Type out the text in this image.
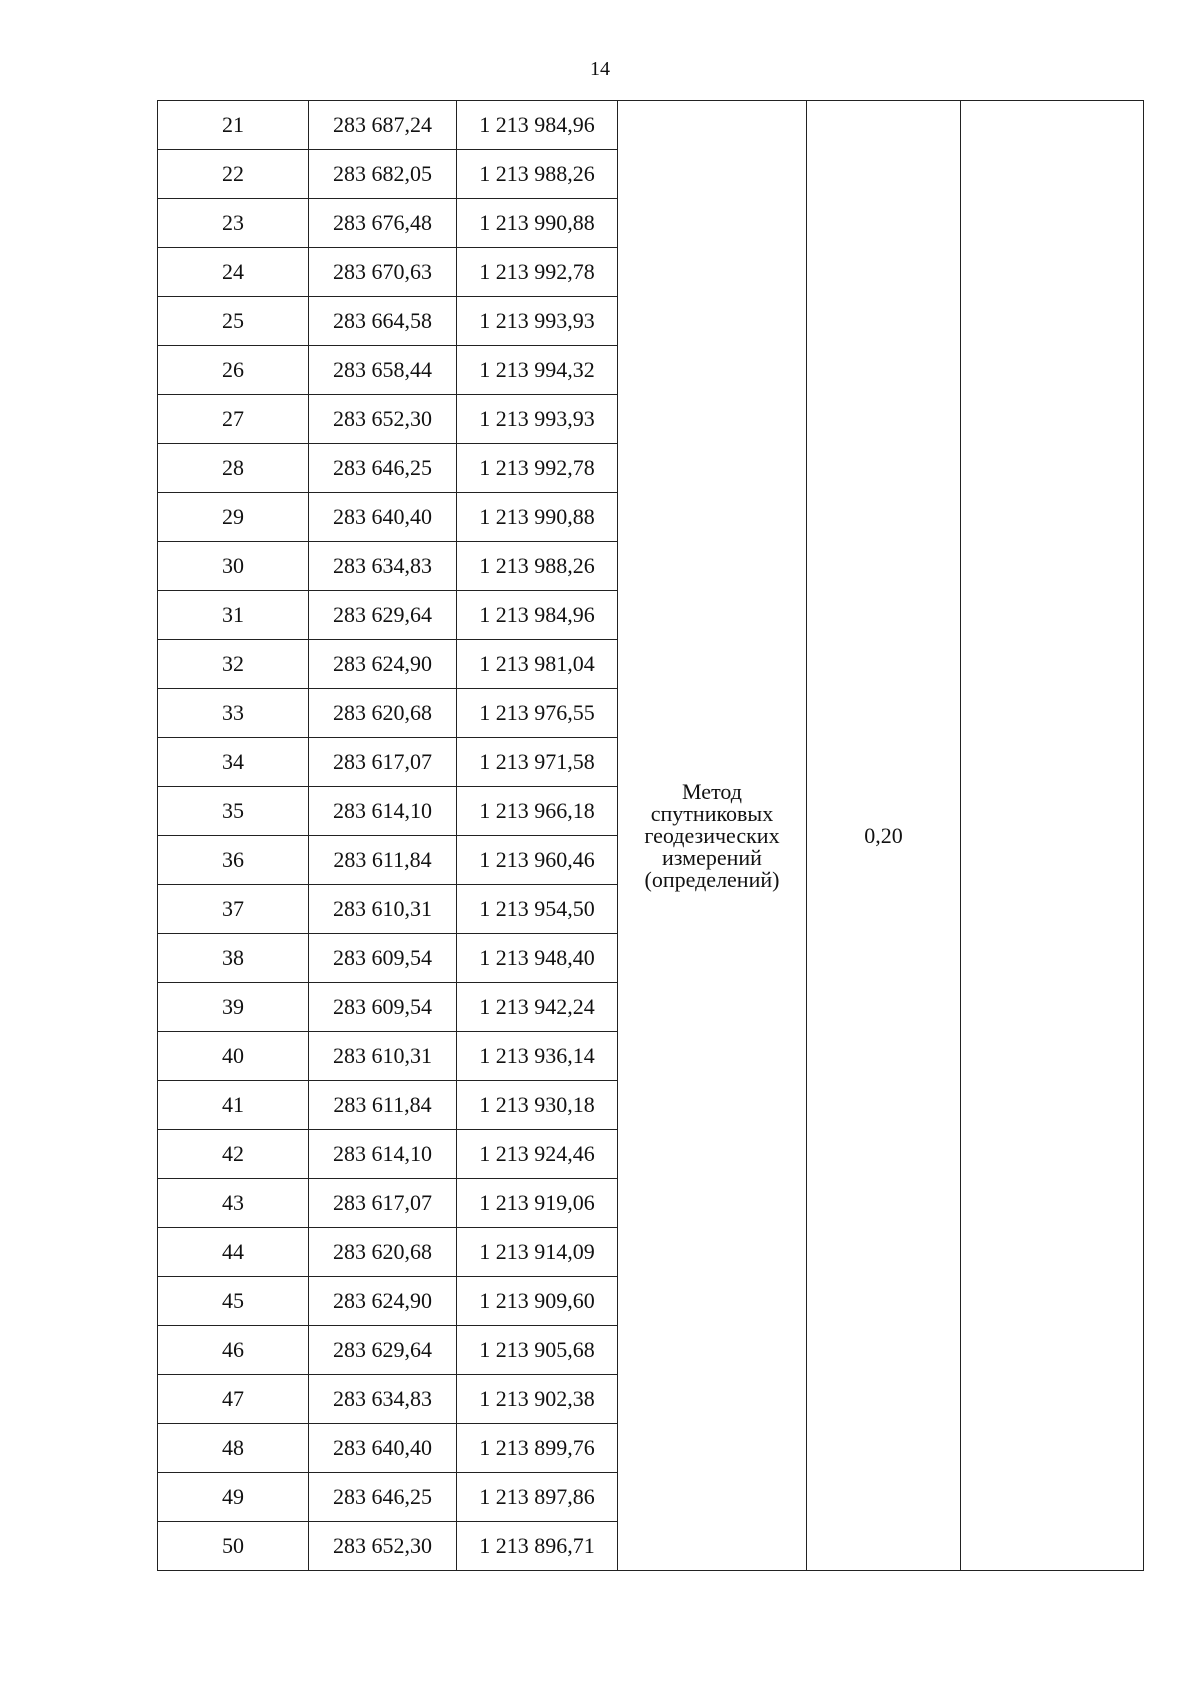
14
21	283 687,24	1 213 984,96	Метод
спутниковых
геодезических
измерений
(определений)	0,20	
22	283 682,05	1 213 988,26			
23	283 676,48	1 213 990,88			
24	283 670,63	1 213 992,78			
25	283 664,58	1 213 993,93			
26	283 658,44	1 213 994,32			
27	283 652,30	1 213 993,93			
28	283 646,25	1 213 992,78			
29	283 640,40	1 213 990,88			
30	283 634,83	1 213 988,26			
31	283 629,64	1 213 984,96			
32	283 624,90	1 213 981,04			
33	283 620,68	1 213 976,55			
34	283 617,07	1 213 971,58			
35	283 614,10	1 213 966,18			
36	283 611,84	1 213 960,46			
37	283 610,31	1 213 954,50			
38	283 609,54	1 213 948,40			
39	283 609,54	1 213 942,24			
40	283 610,31	1 213 936,14			
41	283 611,84	1 213 930,18			
42	283 614,10	1 213 924,46			
43	283 617,07	1 213 919,06			
44	283 620,68	1 213 914,09			
45	283 624,90	1 213 909,60			
46	283 629,64	1 213 905,68			
47	283 634,83	1 213 902,38			
48	283 640,40	1 213 899,76			
49	283 646,25	1 213 897,86			
50	283 652,30	1 213 896,71			
